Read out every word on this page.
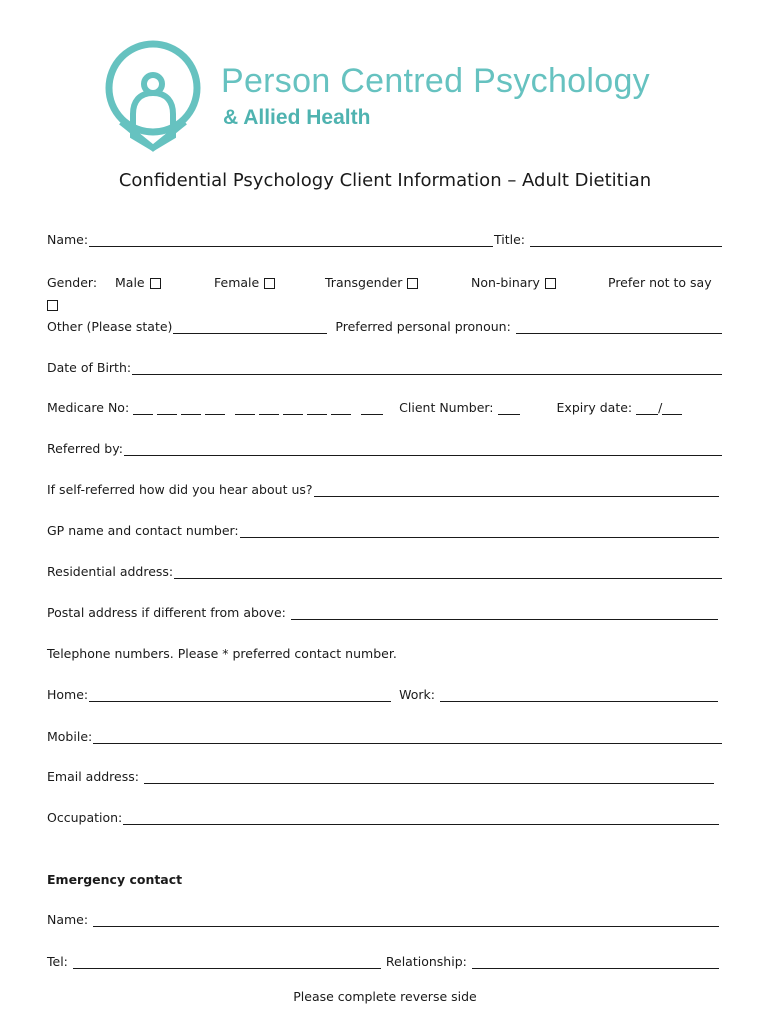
Person Centred Psychology
& Allied Health
Confidential Psychology Client Information – Adult Dietitian
Name:	Title:
Gender:	Male	Female	Transgender	Non-binary	Prefer not to say
Other (Please state)	Preferred personal pronoun:
Date of Birth:
Medicare No:	Client Number:	Expiry date: /
Referred by:
If self-referred how did you hear about us?
GP name and contact number:
Residential address:
Postal address if different from above:
Telephone numbers. Please * preferred contact number.
Home:	Work:
Mobile:
Email address:
Occupation:
Emergency contact
Name:
Tel:	Relationship:
Please complete reverse side
